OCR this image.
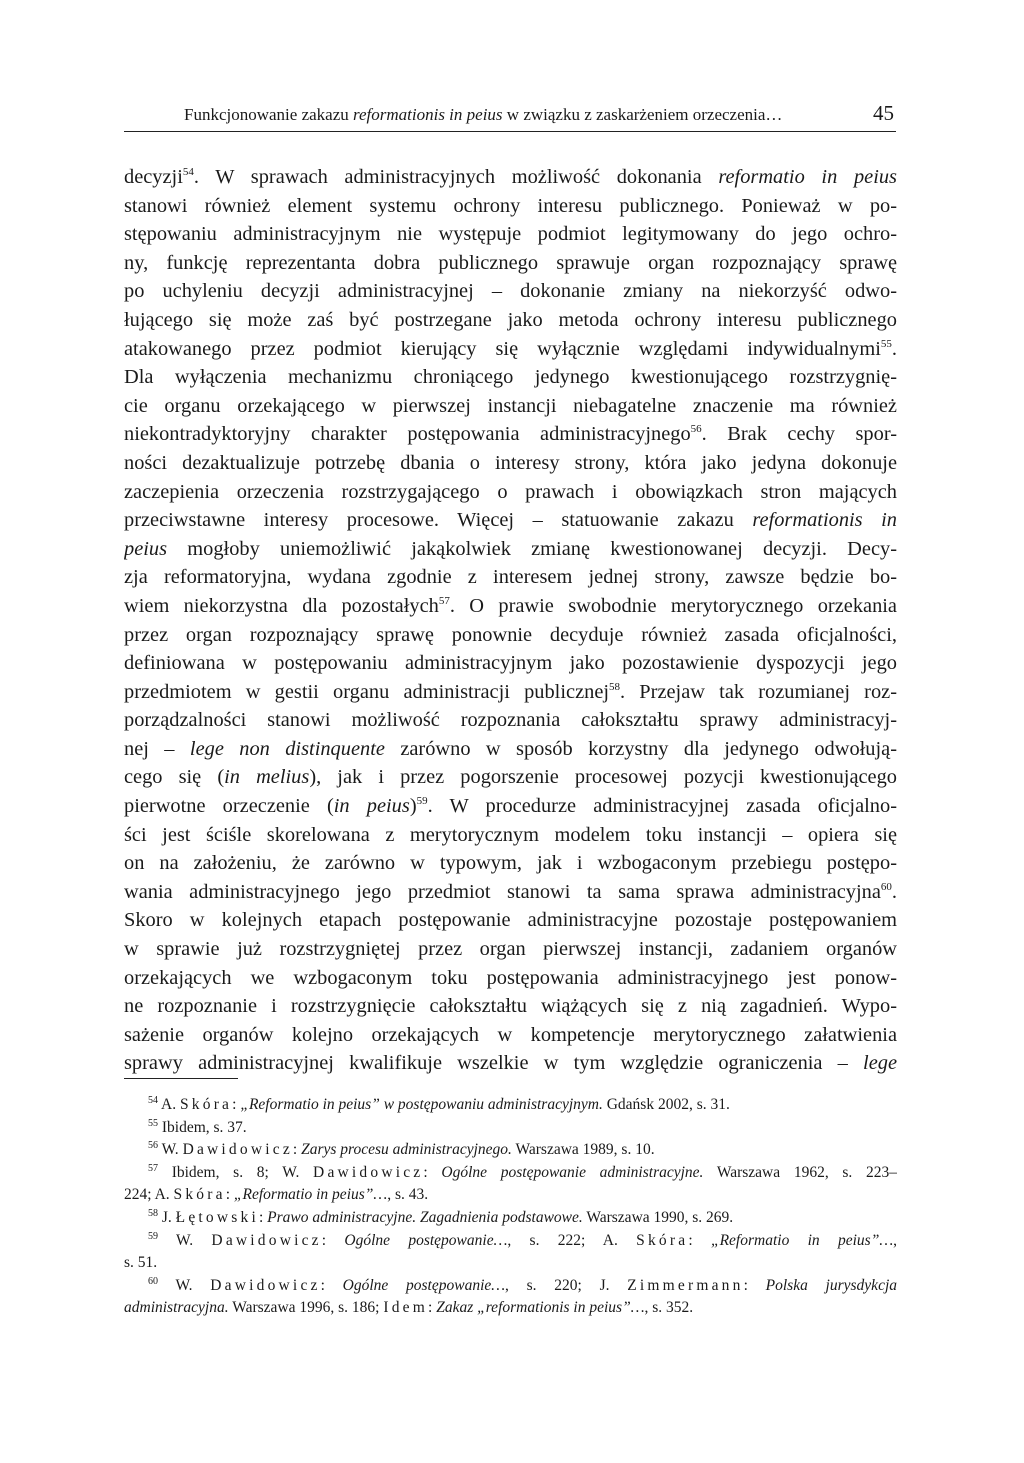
Funkcjonowanie zakazu reformationis in peius w związku z zaskarżeniem orzeczenia…	45
decyzji$^{54}$. W sprawach administracyjnych możliwość dokonania reformatio in peius
stanowi również element systemu ochrony interesu publicznego. Ponieważ w po-
stępowaniu administracyjnym nie występuje podmiot legitymowany do jego ochro-
ny, funkcję reprezentanta dobra publicznego sprawuje organ rozpoznający sprawę
po uchyleniu decyzji administracyjnej – dokonanie zmiany na niekorzyść odwo-
łującego się może zaś być postrzegane jako metoda ochrony interesu publicznego
atakowanego przez podmiot kierujący się wyłącznie względami indywidualnymi$^{55}$.
Dla wyłączenia mechanizmu chroniącego jedynego kwestionującego rozstrzygnię-
cie organu orzekającego w pierwszej instancji niebagatelne znaczenie ma również
niekontradyktoryjny charakter postępowania administracyjnego$^{56}$. Brak cechy spor-
ności dezaktualizuje potrzebę dbania o interesy strony, która jako jedyna dokonuje
zaczepienia orzeczenia rozstrzygającego o prawach i obowiązkach stron mających
przeciwstawne interesy procesowe. Więcej – statuowanie zakazu reformationis in
peius mogłoby uniemożliwić jakąkolwiek zmianę kwestionowanej decyzji. Decy-
zja reformatoryjna, wydana zgodnie z interesem jednej strony, zawsze będzie bo-
wiem niekorzystna dla pozostałych$^{57}$. O prawie swobodnie merytorycznego orzekania
przez organ rozpoznający sprawę ponownie decyduje również zasada oficjalności,
definiowana w postępowaniu administracyjnym jako pozostawienie dyspozycji jego
przedmiotem w gestii organu administracji publicznej$^{58}$. Przejaw tak rozumianej roz-
porządzalności stanowi możliwość rozpoznania całokształtu sprawy administracyj-
nej – lege non distinquente zarówno w sposób korzystny dla jedynego odwołują-
cego się (in melius), jak i przez pogorszenie procesowej pozycji kwestionującego
pierwotne orzeczenie (in peius)$^{59}$. W procedurze administracyjnej zasada oficjalno-
ści jest ściśle skorelowana z merytorycznym modelem toku instancji – opiera się
on na założeniu, że zarówno w typowym, jak i wzbogaconym przebiegu postępo-
wania administracyjnego jego przedmiot stanowi ta sama sprawa administracyjna$^{60}$.
Skoro w kolejnych etapach postępowanie administracyjne pozostaje postępowaniem
w sprawie już rozstrzygniętej przez organ pierwszej instancji, zadaniem organów
orzekających we wzbogaconym toku postępowania administracyjnego jest ponow-
ne rozpoznanie i rozstrzygnięcie całokształtu wiążących się z nią zagadnień. Wypo-
sażenie organów kolejno orzekających w kompetencje merytorycznego załatwienia
sprawy administracyjnej kwalifikuje wszelkie w tym względzie ograniczenia – lege
$^{54}$ A. Skóra: „Reformatio in peius” w postępowaniu administracyjnym. Gdańsk 2002, s. 31.
$^{55}$ Ibidem, s. 37.
$^{56}$ W. Dawidowicz: Zarys procesu administracyjnego. Warszawa 1989, s. 10.
$^{57}$ Ibidem, s. 8; W. Dawidowicz: Ogólne postępowanie administracyjne. Warszawa 1962, s. 223–
224; A. Skóra: „Reformatio in peius”…, s. 43.
$^{58}$ J. Łętowski: Prawo administracyjne. Zagadnienia podstawowe. Warszawa 1990, s. 269.
$^{59}$ W. Dawidowicz: Ogólne postępowanie…, s. 222; A. Skóra: „Reformatio in peius”…,
s. 51.
$^{60}$ W. Dawidowicz: Ogólne postępowanie…, s. 220; J. Zimmermann: Polska jurysdykcja
administracyjna. Warszawa 1996, s. 186; Idem: Zakaz „reformationis in peius”…, s. 352.
